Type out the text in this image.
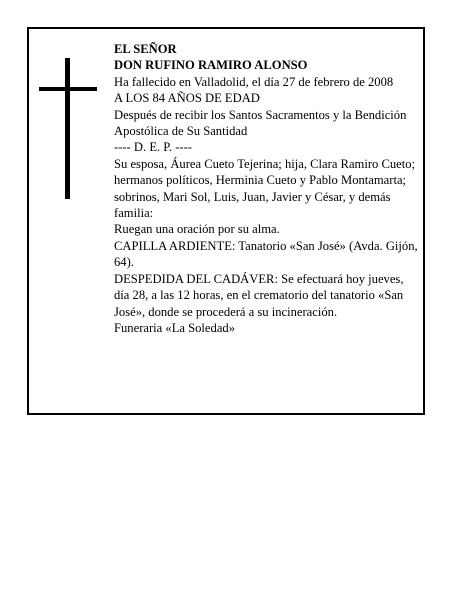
EL SEÑOR

DON RUFINO RAMIRO ALONSO

Ha fallecido en Valladolid, el día 27 de febrero de 2008

A LOS 84 AÑOS DE EDAD

Después de recibir los Santos Sacramentos y la Bendición Apostólica de Su Santidad

---- D. E. P. ----

Su esposa, Áurea Cueto Tejerina; hija, Clara Ramiro Cueto; hermanos políticos, Herminia Cueto y Pablo Montamarta; sobrinos, Mari Sol, Luis, Juan, Javier y César, y demás familia:

Ruegan una oración por su alma.

CAPILLA ARDIENTE: Tanatorio «San José» (Avda. Gijón, 64).

DESPEDIDA DEL CADÁVER: Se efectuará hoy jueves, día 28, a las 12 horas, en el crematorio del tanatorio «San José», donde se procederá a su incineración.

Funeraria «La Soledad»
